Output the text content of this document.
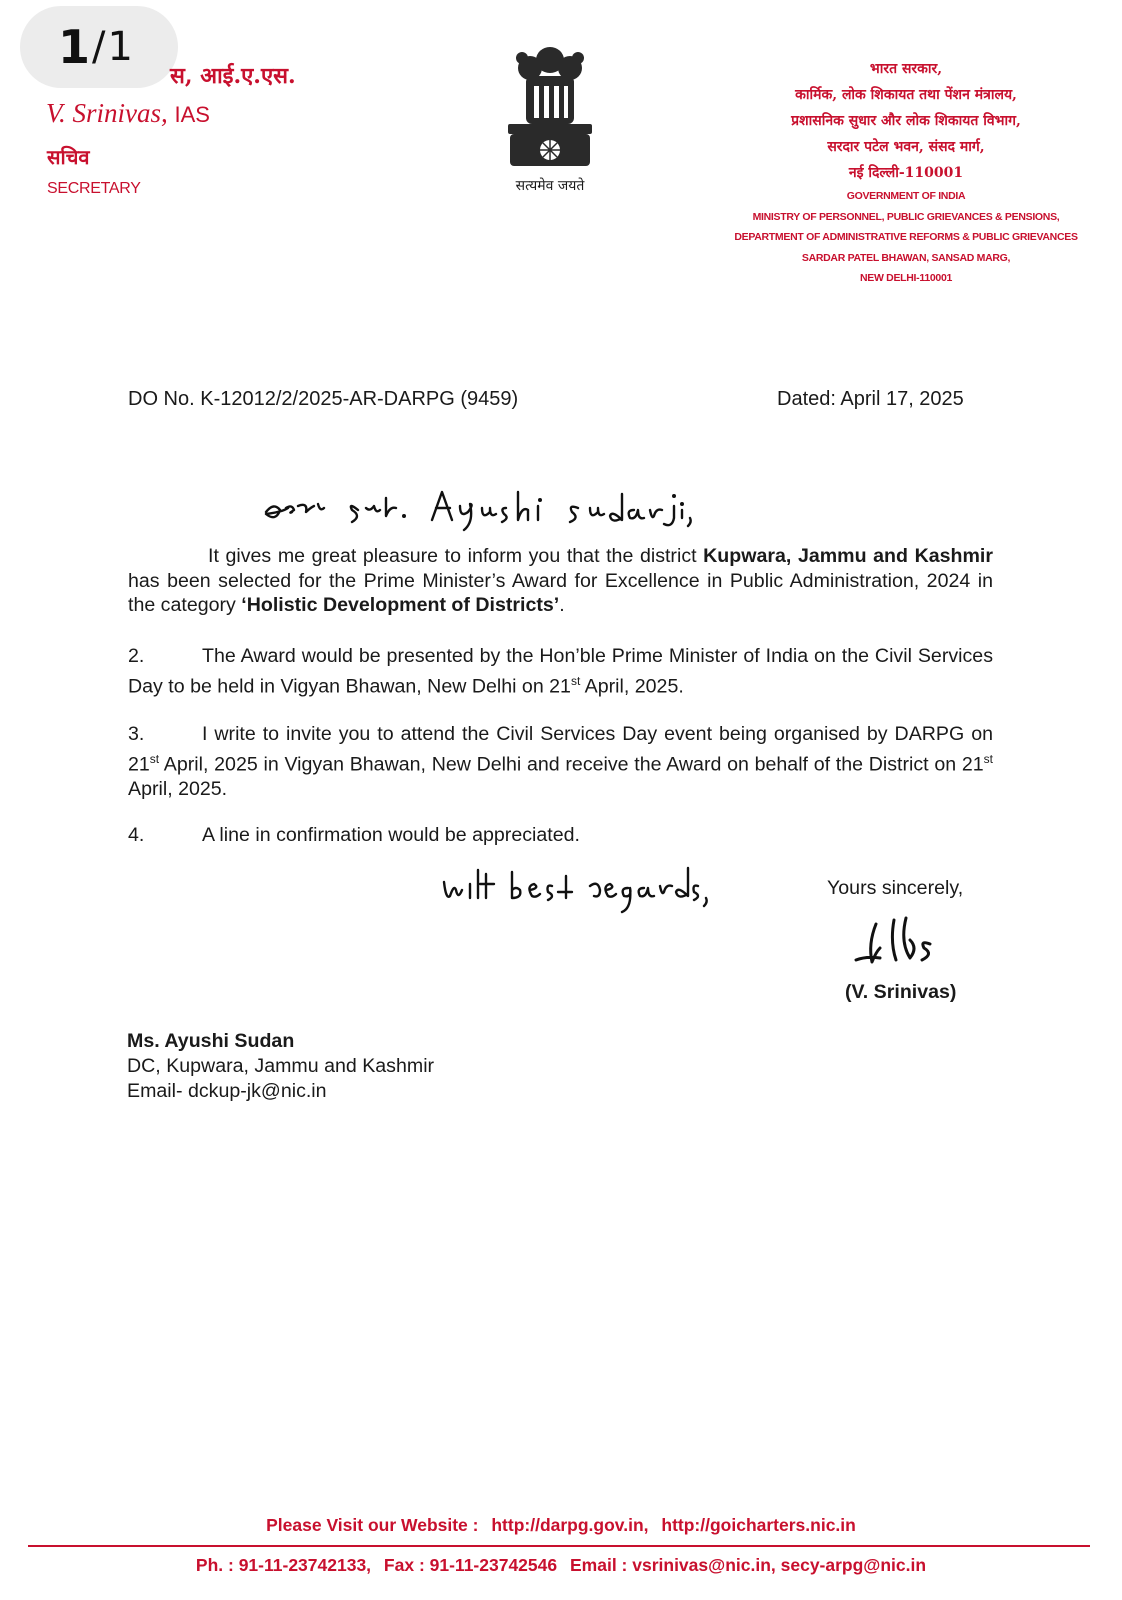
1 / 1
स, आई.ए.एस.
V. Srinivas, IAS
सचिव
SECRETARY	सत्यमेव जयते
भारत सरकार,
कार्मिक, लोक शिकायत तथा पेंशन मंत्रालय,
प्रशासनिक सुधार और लोक शिकायत विभाग,
सरदार पटेल भवन, संसद मार्ग,
नई दिल्ली-110001
GOVERNMENT OF INDIA
MINISTRY OF PERSONNEL, PUBLIC GRIEVANCES & PENSIONS,
DEPARTMENT OF ADMINISTRATIVE REFORMS & PUBLIC GRIEVANCES
SARDAR PATEL BHAWAN, SANSAD MARG,
NEW DELHI-110001
DO No. K-12012/2/2025-AR-DARPG (9459)	Dated: April 17, 2025
It gives me great pleasure to inform you that the district Kupwara, Jammu and Kashmir has been selected for the Prime Minister’s Award for Excellence in Public Administration, 2024 in the category ‘Holistic Development of Districts’.
2.	The Award would be presented by the Hon’ble Prime Minister of India on the Civil Services Day to be held in Vigyan Bhawan, New Delhi on 21st April, 2025.
3.	I write to invite you to attend the Civil Services Day event being organised by DARPG on 21st April, 2025 in Vigyan Bhawan, New Delhi and receive the Award on behalf of the District on 21st April, 2025.
4.	A line in confirmation would be appreciated.
Yours sincerely,
(V. Srinivas)
Ms. Ayushi Sudan
DC, Kupwara, Jammu and Kashmir
Email- dckup-jk@nic.in
Please Visit our Website : http://darpg.gov.in, http://goicharters.nic.in
Ph. : 91-11-23742133, Fax : 91-11-23742546 Email : vsrinivas@nic.in, secy-arpg@nic.in
